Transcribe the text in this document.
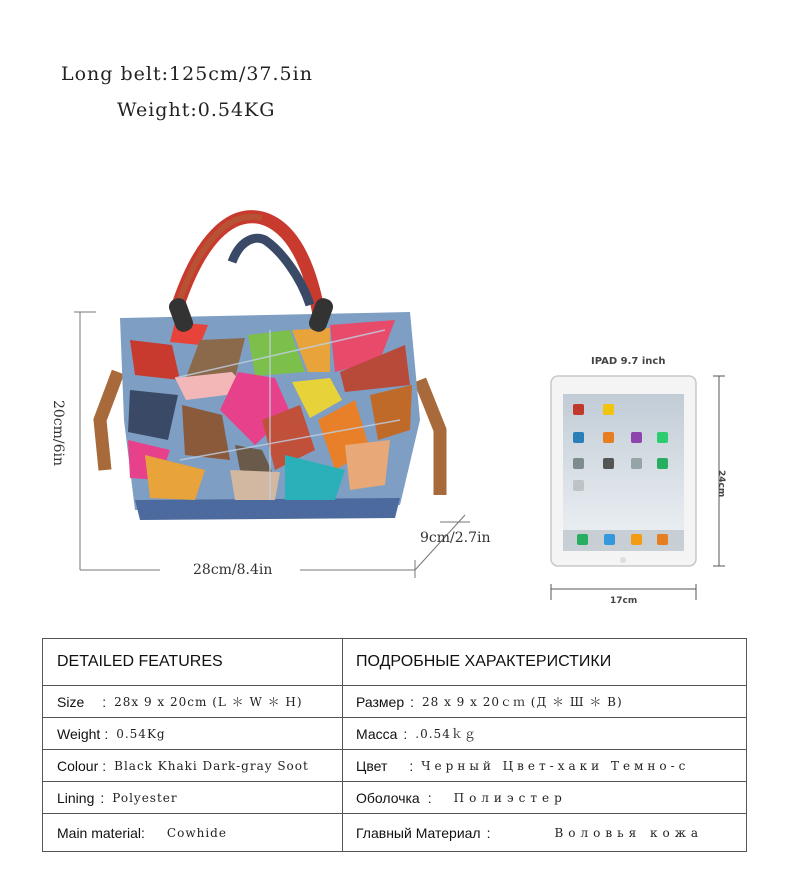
Long belt:125cm/37.5in
Weight:0.54KG
20cm/6in
9cm/2.7in
28cm/8.4in
IPAD 9.7 inch
17cm
24cm
DETAILED FEATURES	ПОДРОБНЫЕ ХАРАКТЕРИСТИКИ
Size : 28x 9 x 20cm (L ＊ W ＊ H)	Размер : 28 x 9 x 20ｃｍ (Д ＊ Ш ＊ В)
Weight : 0.54Kg	Масса : .0.54ｋｇ
Colour : Black Khaki Dark-gray Soot	Цвет : Черный Цвет-хаки Темно-с
Lining : Polyester	Оболочка : Полиэстер
Main material : Cowhide	Главный Материал :	Воловья кожа
